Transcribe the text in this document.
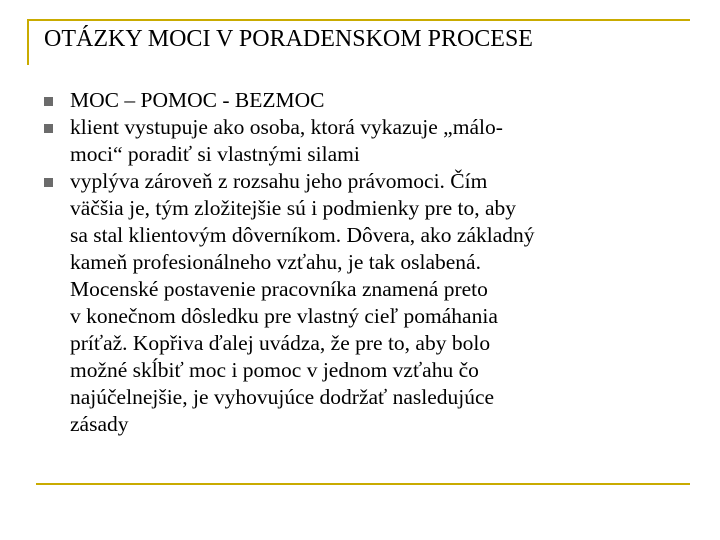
OTÁZKY MOCI V PORADENSKOM PROCESE
MOC – POMOC - BEZMOC
klient vystupuje ako osoba, ktorá vykazuje „málo-
moci“ poradiť si vlastnými silami
vyplýva zároveň z rozsahu jeho právomoci. Čím
väčšia je, tým zložitejšie sú i podmienky pre to, aby
sa stal klientovým dôverníkom. Dôvera, ako základný
kameň profesionálneho vzťahu, je tak oslabená.
Mocenské postavenie pracovníka znamená preto
v konečnom dôsledku pre vlastný cieľ pomáhania
príťaž. Kopřiva ďalej uvádza, že pre to, aby bolo
možné skĺbiť moc i pomoc v jednom vzťahu čo
najúčelnejšie, je vyhovujúce dodržať nasledujúce
zásady
